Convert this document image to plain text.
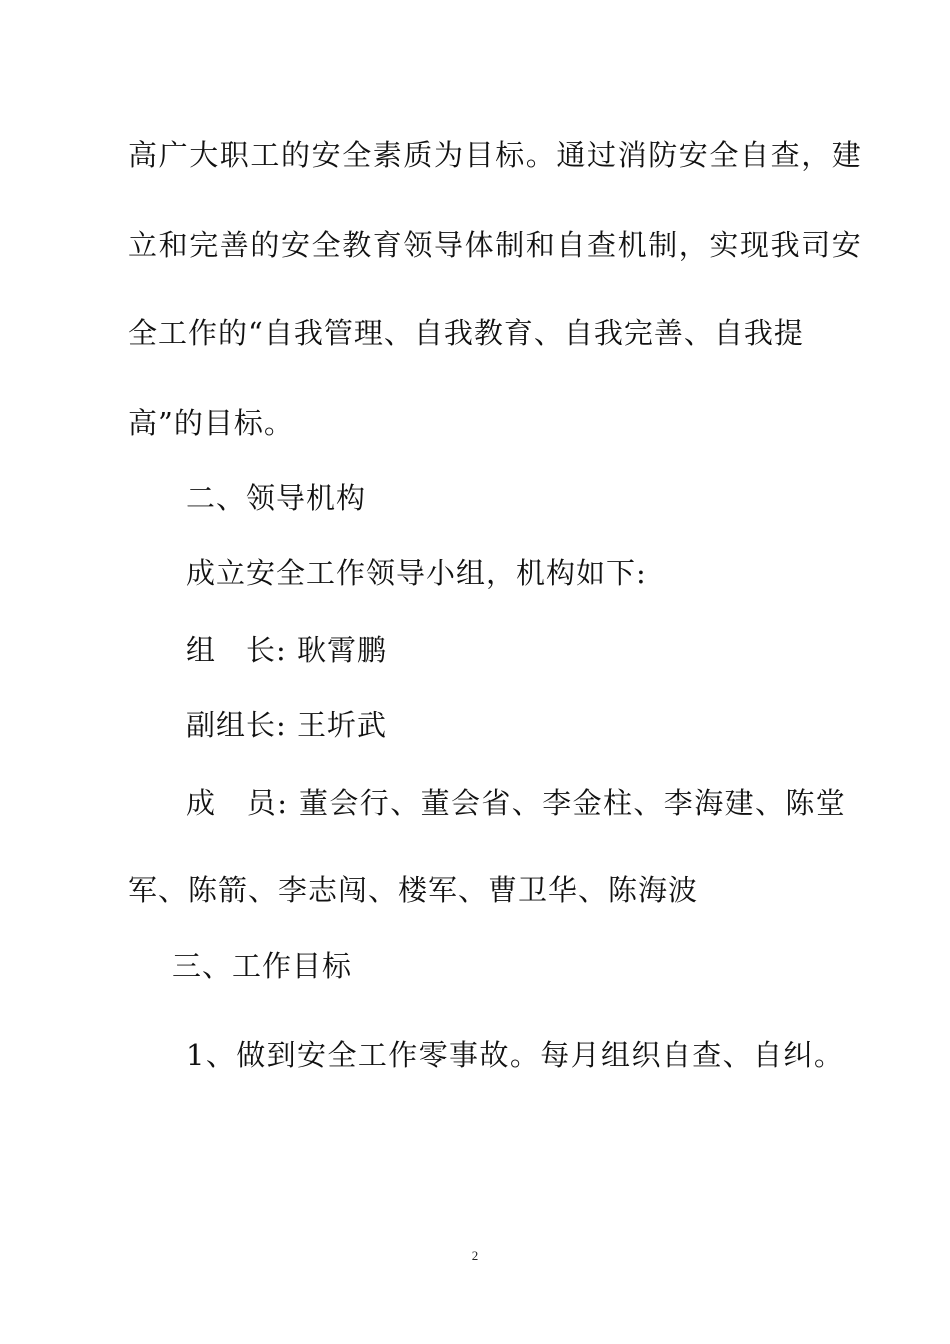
高广大职工的安全素质为目标。通过消防安全自查，建
立和完善的安全教育领导体制和自查机制，实现我司安
全工作的“自我管理、自我教育、自我完善、自我提
高”的目标。
二、领导机构
成立安全工作领导小组，机构如下:
组　长: 耿霄鹏
副组长: 王圻武
成　员: 董会行、董会省、李金柱、李海建、陈堂
军、陈箭、李志闯、楼军、曹卫华、陈海波
三、工作目标
1、做到安全工作零事故。每月组织自查、自纠。
2
